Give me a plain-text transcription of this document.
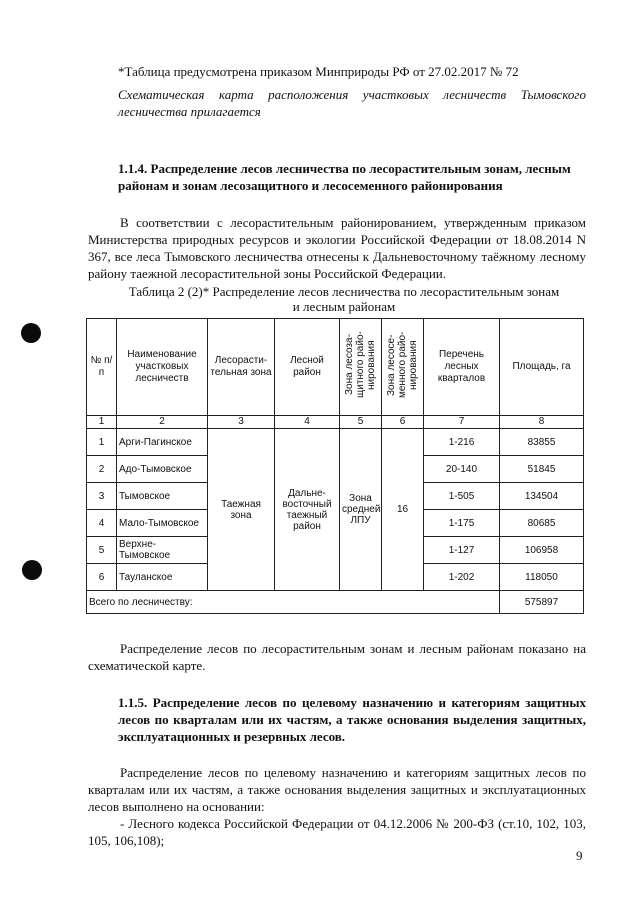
*Таблица предусмотрена приказом Минприроды РФ от 27.02.2017 № 72

Схематическая карта расположения участковых лесничеств Тымовского лесничества прилагается

1.1.4. Распределение лесов лесничества по лесорастительным зонам, лесным районам и зонам лесозащитного и лесосеменного районирования

В соответствии с лесорастительным районированием, утвержденным приказом Министерства природных ресурсов и экологии Российской Федерации от 18.08.2014 N 367, все леса Тымовского лесничества отнесены к Дальневосточному таёжному лесному району таежной лесорастительной зоны Российской Федерации.

Таблица 2 (2)* Распределение лесов лесничества по лесорастительным зонам
и лесным районам
№ п/п	Наименование участковых лесничеств	Лесорасти-тельная зона	Лесной район	Зона лесоза-щитного райо-нирования	Зона лесосе-менного райо-нирования	Перечень лесных кварталов	Площадь, га
1	2	3	4	5	6	7	8
1	Арги-Пагинское	Таежная зона	Дальне-восточный таежный район	Зона средней ЛПУ	16	1-216	83855
2	Адо-Тымовское					20-140	51845
3	Тымовское					1-505	134504
4	Мало-Тымовское					1-175	80685
5	Верхне-Тымовское					1-127	106958
6	Тауланское					1-202	118050
Всего по лесничеству:							575897

Распределение лесов по лесорастительным зонам и лесным районам показано на схематической карте.

1.1.5. Распределение лесов по целевому назначению и категориям защитных лесов по кварталам или их частям, а также основания выделения защитных, эксплуатационных и резервных лесов.

Распределение лесов по целевому назначению и категориям защитных лесов по кварталам или их частям, а также основания выделения защитных и эксплуатационных лесов выполнено на основании:

- Лесного кодекса Российской Федерации от 04.12.2006 № 200-ФЗ (ст.10, 102, 103, 105, 106,108);

9
